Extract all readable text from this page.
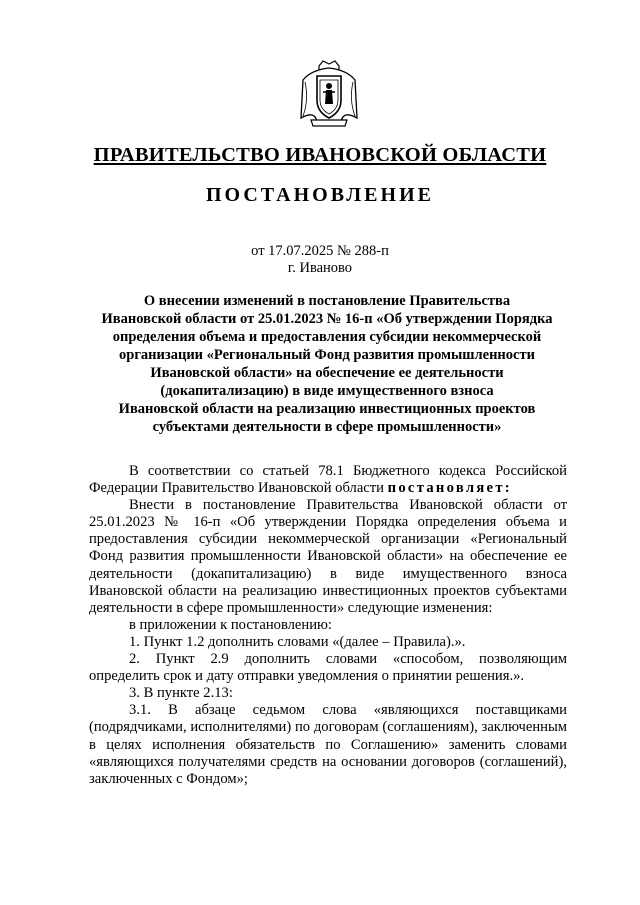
ПРАВИТЕЛЬСТВО ИВАНОВСКОЙ ОБЛАСТИ
ПОСТАНОВЛЕНИЕ
от 17.07.2025 № 288-п
г. Иваново
О внесении изменений в постановление Правительства
Ивановской области от 25.01.2023 № 16-п «Об утверждении Порядка
определения объема и предоставления субсидии некоммерческой
организации «Региональный Фонд развития промышленности
Ивановской области» на обеспечение ее деятельности
(докапитализацию) в виде имущественного взноса
Ивановской области на реализацию инвестиционных проектов
субъектами деятельности в сфере промышленности»

В соответствии со статьей 78.1 Бюджетного кодекса Российской Федерации Правительство Ивановской области постановляет:

Внести в постановление Правительства Ивановской области от 25.01.2023 № 16-п «Об утверждении Порядка определения объема и предоставления субсидии некоммерческой организации «Региональный Фонд развития промышленности Ивановской области» на обеспечение ее деятельности (докапитализацию) в виде имущественного взноса Ивановской области на реализацию инвестиционных проектов субъектами деятельности в сфере промышленности» следующие изменения:

в приложении к постановлению:

1. Пункт 1.2 дополнить словами «(далее – Правила).».

2. Пункт 2.9 дополнить словами «способом, позволяющим определить срок и дату отправки уведомления о принятии решения.».

3. В пункте 2.13:

3.1. В абзаце седьмом слова «являющихся поставщиками (подрядчиками, исполнителями) по договорам (соглашениям), заключенным в целях исполнения обязательств по Соглашению» заменить словами «являющихся получателями средств на основании договоров (соглашений), заключенных с Фондом»;
